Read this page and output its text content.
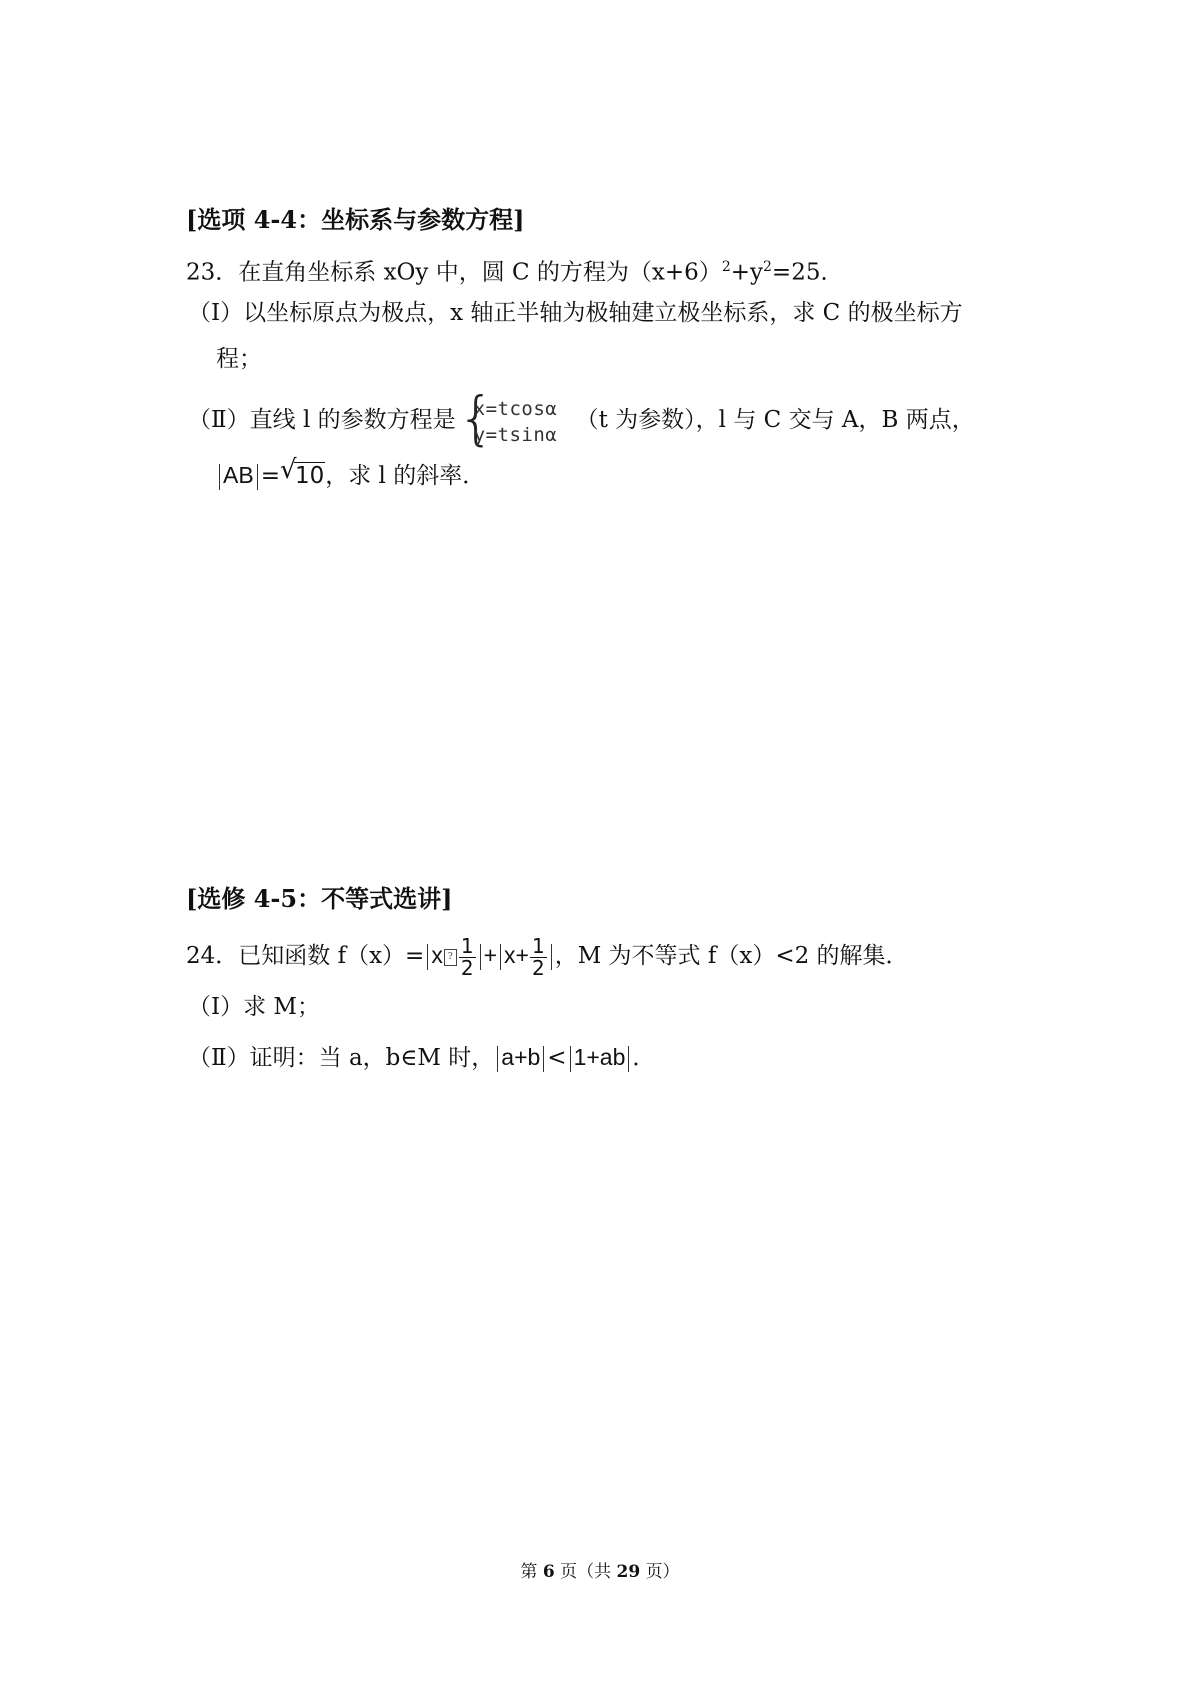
[选项 4-4：坐标系与参数方程]
23．在直角坐标系 xOy 中，圆 C 的方程为$(x+6)^2+y^2=25$．
（Ⅰ）以坐标原点为极点，x 轴正半轴为极轴建立极坐标系，求 C 的极坐标方
程；
（Ⅱ）直线 l 的参数方程是 {
x=tcosα
y=tsinα
（t 为参数），l 与 C 交与 A，B 两点，
AB = √
10，求 l 的斜率．
[选修 4-5：不等式选讲]
24．已知函数 f（x）= x ? $\frac{1}{2} + x+ \frac{1}{2}$ ，M 为不等式 f（x）<2 的解集．
（Ⅰ）求 M；
（Ⅱ）证明：当 a，b∈M 时， a+b < 1+ab ．
第 6 页（共 29 页）
